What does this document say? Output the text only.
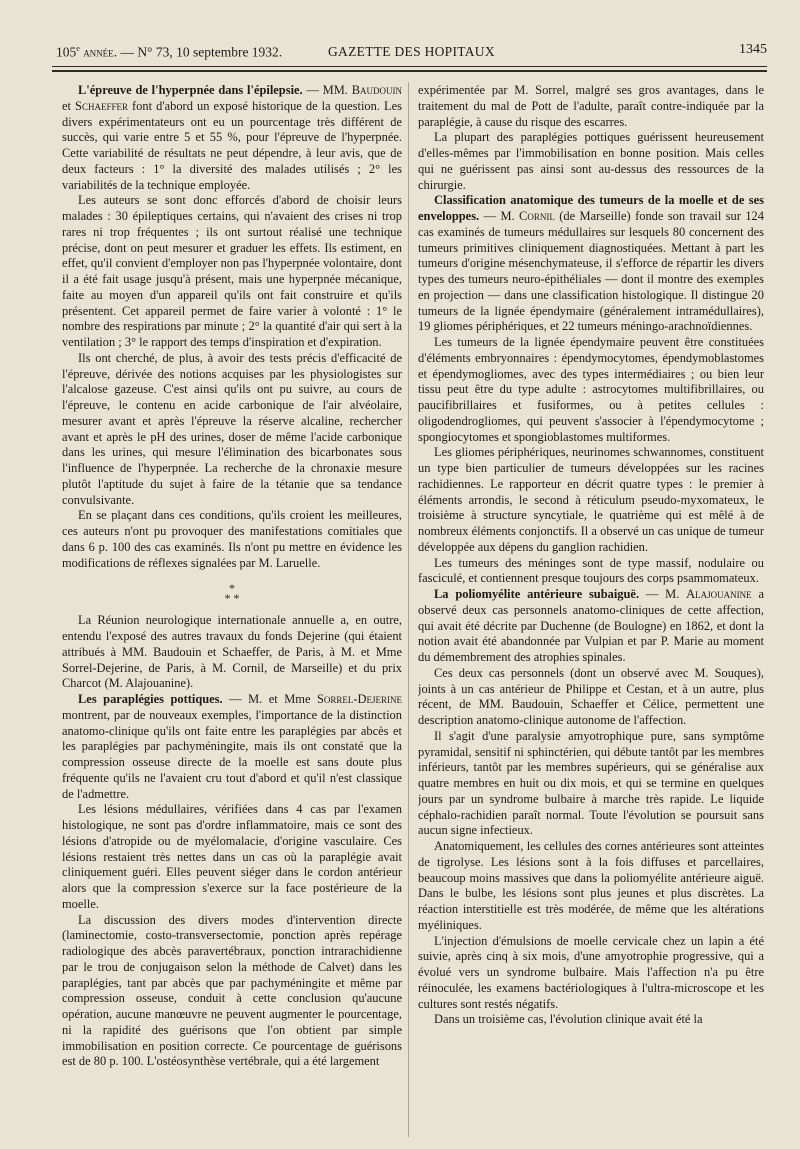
105e année. — N° 73, 10 septembre 1932.	GAZETTE DES HOPITAUX	1345

L'épreuve de l'hyperpnée dans l'épilepsie. — MM. Baudouin et Schaeffer font d'abord un exposé historique de la question. Les divers expérimentateurs ont eu un pourcentage très différent de succès, qui varie entre 5 et 55 %, pour l'épreuve de l'hyperpnée. Cette variabilité de résultats ne peut dépendre, à leur avis, que de deux facteurs : 1° la diversité des malades utilisés ; 2° les variabilités de la technique employée.

Les auteurs se sont donc efforcés d'abord de choisir leurs malades : 30 épileptiques certains, qui n'avaient des crises ni trop rares ni trop fréquentes ; ils ont surtout réalisé une technique précise, dont on peut mesurer et graduer les effets. Ils estiment, en effet, qu'il convient d'employer non pas l'hyperpnée volontaire, dont il a été fait usage jusqu'à présent, mais une hyperpnée mécanique, faite au moyen d'un appareil qu'ils ont fait construire et qu'ils présentent. Cet appareil permet de faire varier à volonté : 1° le nombre des respirations par minute ; 2° la quantité d'air qui sert à la ventilation ; 3° le rapport des temps d'inspiration et d'expiration.

Ils ont cherché, de plus, à avoir des tests précis d'efficacité de l'épreuve, dérivée des notions acquises par les physiologistes sur l'alcalose gazeuse. C'est ainsi qu'ils ont pu suivre, au cours de l'épreuve, le contenu en acide carbonique de l'air alvéolaire, mesurer avant et après l'épreuve la réserve alcaline, rechercher avant et après le pH des urines, doser de même l'acide carbonique dans les urines, qui mesure l'élimination des bicarbonates sous l'influence de l'hyperpnée. La recherche de la chronaxie mesure plutôt l'aptitude du sujet à faire de la tétanie que sa tendance convulsivante.

En se plaçant dans ces conditions, qu'ils croient les meilleures, ces auteurs n'ont pu provoquer des manifestations comitiales que dans 6 p. 100 des cas examinés. Ils n'ont pu mettre en évidence les modifications de réflexes signalées par M. Laruelle.

*
* *

La Réunion neurologique internationale annuelle a, en outre, entendu l'exposé des autres travaux du fonds Dejerine (qui étaient attribués à MM. Baudouin et Schaeffer, de Paris, à M. et Mme Sorrel-Dejerine, de Paris, à M. Cornil, de Marseille) et du prix Charcot (M. Alajouanine).

Les paraplégies pottiques. — M. et Mme Sorrel-Dejerine montrent, par de nouveaux exemples, l'importance de la distinction anatomo-clinique qu'ils ont faite entre les paraplégies par abcès et les paraplégies par pachyméningite, mais ils ont constaté que la compression osseuse directe de la moelle est sans doute plus fréquente qu'ils ne l'avaient cru tout d'abord et qu'il n'est classique de l'admettre.

Les lésions médullaires, vérifiées dans 4 cas par l'examen histologique, ne sont pas d'ordre inflammatoire, mais ce sont des lésions d'atropide ou de myélomalacie, d'origine vasculaire. Ces lésions restaient très nettes dans un cas où la paraplégie avait cliniquement guéri. Elles peuvent siéger dans le cordon antérieur alors que la compression s'exerce sur la face postérieure de la moelle.

La discussion des divers modes d'intervention directe (laminectomie, costo-transversectomie, ponction après repérage radiologique des abcès paravertébraux, ponction intrarachidienne par le trou de conjugaison selon la méthode de Calvet) dans les paraplégies, tant par abcès que par pachyméningite et même par compression osseuse, conduit à cette conclusion qu'aucune opération, aucune manœuvre ne peuvent augmenter le pourcentage, ni la rapidité des guérisons que l'on obtient par simple immobilisation en position correcte. Ce pourcentage de guérisons est de 80 p. 100. L'ostéosynthèse vertébrale, qui a été largement

expérimentée par M. Sorrel, malgré ses gros avantages, dans le traitement du mal de Pott de l'adulte, paraît contre-indiquée par la paraplégie, à cause du risque des escarres.

La plupart des paraplégies pottiques guérissent heureusement d'elles-mêmes par l'immobilisation en bonne position. Mais celles qui ne guérissent pas ainsi sont au-dessus des ressources de la chirurgie.

Classification anatomique des tumeurs de la moelle et de ses enveloppes. — M. Cornil (de Marseille) fonde son travail sur 124 cas examinés de tumeurs médullaires sur lesquels 80 concernent des tumeurs primitives cliniquement diagnostiquées. Mettant à part les tumeurs d'origine mésenchymateuse, il s'efforce de répartir les divers types des tumeurs neuro-épithéliales — dont il montre des exemples en projection — dans une classification histologique. Il distingue 20 tumeurs de la lignée épendymaire (généralement intramédullaires), 19 gliomes périphériques, et 22 tumeurs méningo-arachnoïdiennes.

Les tumeurs de la lignée épendymaire peuvent être constituées d'éléments embryonnaires : épendymocytomes, épendymoblastomes et épendymogliomes, avec des types intermédiaires ; ou bien leur tissu peut être du type adulte : astrocytomes multifibrillaires, ou paucifibrillaires et fusiformes, ou à petites cellules : oligodendrogliomes, qui peuvent s'associer à l'épendymocytome ; spongiocytomes et spongioblastomes multiformes.

Les gliomes périphériques, neurinomes schwannomes, constituent un type bien particulier de tumeurs développées sur les racines rachidiennes. Le rapporteur en décrit quatre types : le premier à éléments arrondis, le second à réticulum pseudo-myxomateux, le troisième à structure syncytiale, le quatrième qui est mêlé à de nombreux éléments conjonctifs. Il a observé un cas unique de tumeur développée aux dépens du ganglion rachidien.

Les tumeurs des méninges sont de type massif, nodulaire ou fasciculé, et contiennent presque toujours des corps psammomateux.

La poliomyélite antérieure subaiguë. — M. Alajouanine a observé deux cas personnels anatomo-cliniques de cette affection, qui avait été décrite par Duchenne (de Boulogne) en 1862, et dont la notion avait été abandonnée par Vulpian et par P. Marie au moment du démembrement des atrophies spinales.

Ces deux cas personnels (dont un observé avec M. Souques), joints à un cas antérieur de Philippe et Cestan, et à un autre, plus récent, de MM. Baudouin, Schaeffer et Célice, permettent une description anatomo-clinique autonome de l'affection.

Il s'agit d'une paralysie amyotrophique pure, sans symptôme pyramidal, sensitif ni sphinctérien, qui débute tantôt par les membres inférieurs, tantôt par les membres supérieurs, qui se généralise aux quatre membres en huit ou dix mois, et qui se termine en quelques jours par un syndrome bulbaire à marche très rapide. Le liquide céphalo-rachidien paraît normal. Toute l'évolution se poursuit sans aucun signe infectieux.

Anatomiquement, les cellules des cornes antérieures sont atteintes de tigrolyse. Les lésions sont à la fois diffuses et parcellaires, beaucoup moins massives que dans la poliomyélite antérieure aiguë. Dans le bulbe, les lésions sont plus jeunes et plus discrètes. La réaction interstitielle est très modérée, de même que les altérations myéliniques.

L'injection d'émulsions de moelle cervicale chez un lapin a été suivie, après cinq à six mois, d'une amyotrophie progressive, qui a évolué vers un syndrome bulbaire. Mais l'affection n'a pu être réinoculée, les examens bactériologiques à l'ultra-microscope et les cultures sont restés négatifs.

Dans un troisième cas, l'évolution clinique avait été la
